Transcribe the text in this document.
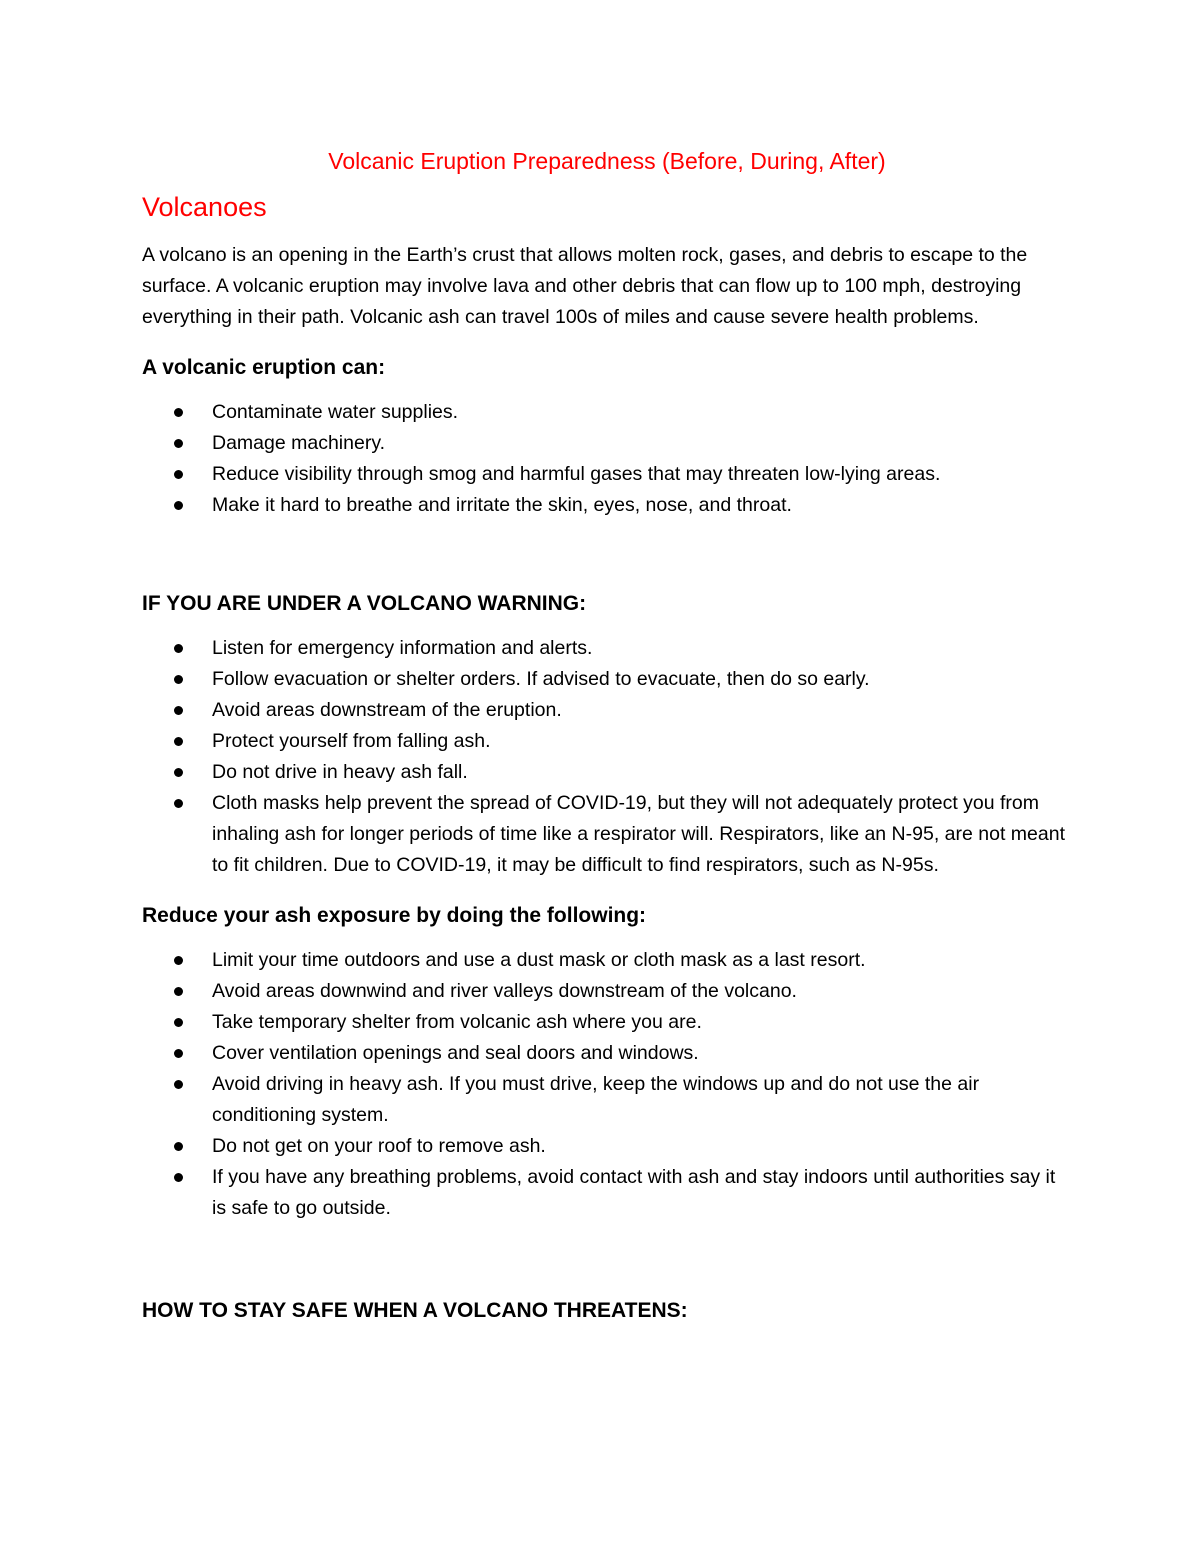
Volcanic Eruption Preparedness (Before, During, After)
Volcanoes

A volcano is an opening in the Earth’s crust that allows molten rock, gases, and debris to escape to the surface. A volcanic eruption may involve lava and other debris that can flow up to 100 mph, destroying everything in their path. Volcanic ash can travel 100s of miles and cause severe health problems.

A volcanic eruption can:
Contaminate water supplies.
Damage machinery.
Reduce visibility through smog and harmful gases that may threaten low-lying areas.
Make it hard to breathe and irritate the skin, eyes, nose, and throat.
IF YOU ARE UNDER A VOLCANO WARNING:
Listen for emergency information and alerts.
Follow evacuation or shelter orders. If advised to evacuate, then do so early.
Avoid areas downstream of the eruption.
Protect yourself from falling ash.
Do not drive in heavy ash fall.
Cloth masks help prevent the spread of COVID-19, but they will not adequately protect you from inhaling ash for longer periods of time like a respirator will. Respirators, like an N-95, are not meant to fit children. Due to COVID-19, it may be difficult to find respirators, such as N-95s.
Reduce your ash exposure by doing the following:
Limit your time outdoors and use a dust mask or cloth mask as a last resort.
Avoid areas downwind and river valleys downstream of the volcano.
Take temporary shelter from volcanic ash where you are.
Cover ventilation openings and seal doors and windows.
Avoid driving in heavy ash. If you must drive, keep the windows up and do not use the air conditioning system.
Do not get on your roof to remove ash.
If you have any breathing problems, avoid contact with ash and stay indoors until authorities say it is safe to go outside.
HOW TO STAY SAFE WHEN A VOLCANO THREATENS:
